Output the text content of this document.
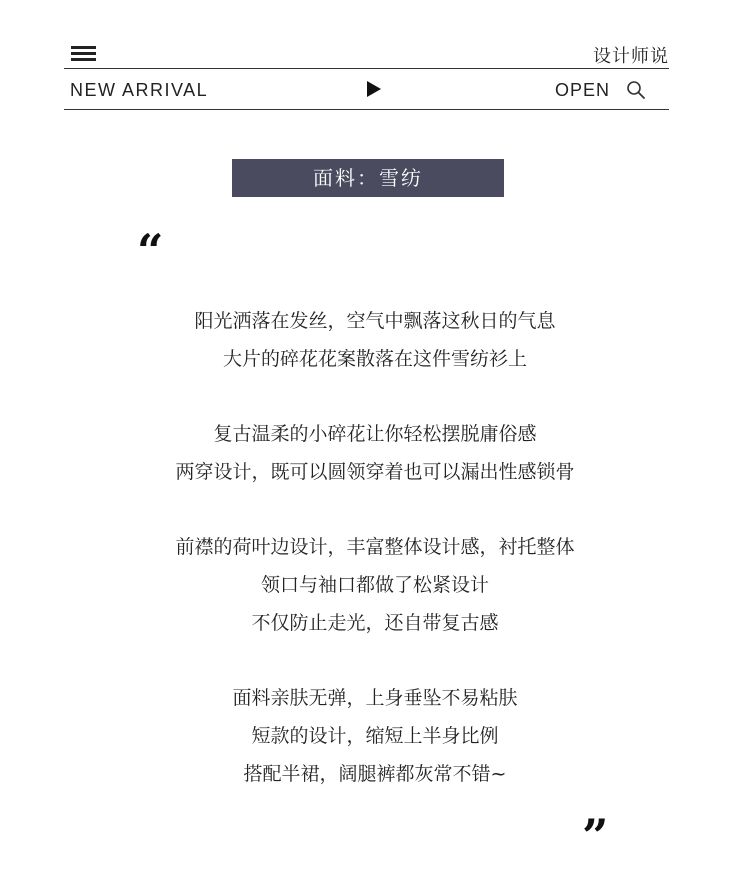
设计师说
NEW ARRIVAL	OPEN
面料：雪纺
“
阳光洒落在发丝，空气中飘落这秋日的气息
大片的碎花花案散落在这件雪纺衫上
复古温柔的小碎花让你轻松摆脱庸俗感
两穿设计，既可以圆领穿着也可以漏出性感锁骨
前襟的荷叶边设计，丰富整体设计感，衬托整体
领口与袖口都做了松紧设计
不仅防止走光，还自带复古感
面料亲肤无弹，上身垂坠不易粘肤
短款的设计，缩短上半身比例
搭配半裙，阔腿裤都灰常不错~
”
